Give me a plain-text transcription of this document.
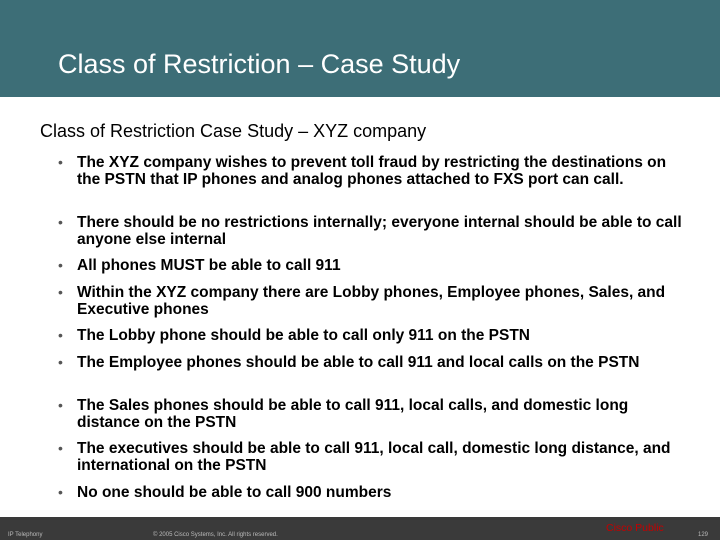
Class of Restriction – Case Study
Class of Restriction Case Study – XYZ company
• The XYZ company wishes to prevent toll fraud by restricting the destinations on the PSTN that IP phones and analog phones attached to FXS port can call.
• There should be no restrictions internally; everyone internal should be able to call anyone else internal
• All phones MUST be able to call 911
• Within the XYZ company there are Lobby phones, Employee phones, Sales, and Executive phones
• The Lobby phone should be able to call only 911 on the PSTN
• The Employee phones should be able to call 911 and local calls on the PSTN
• The Sales phones should be able to call 911, local calls, and domestic long distance on the PSTN
• The executives should be able to call 911, local call, domestic long distance, and international on the PSTN
• No one should be able to call 900 numbers
IP Telephony	© 2005 Cisco Systems, Inc. All rights reserved.
Cisco Public
129
